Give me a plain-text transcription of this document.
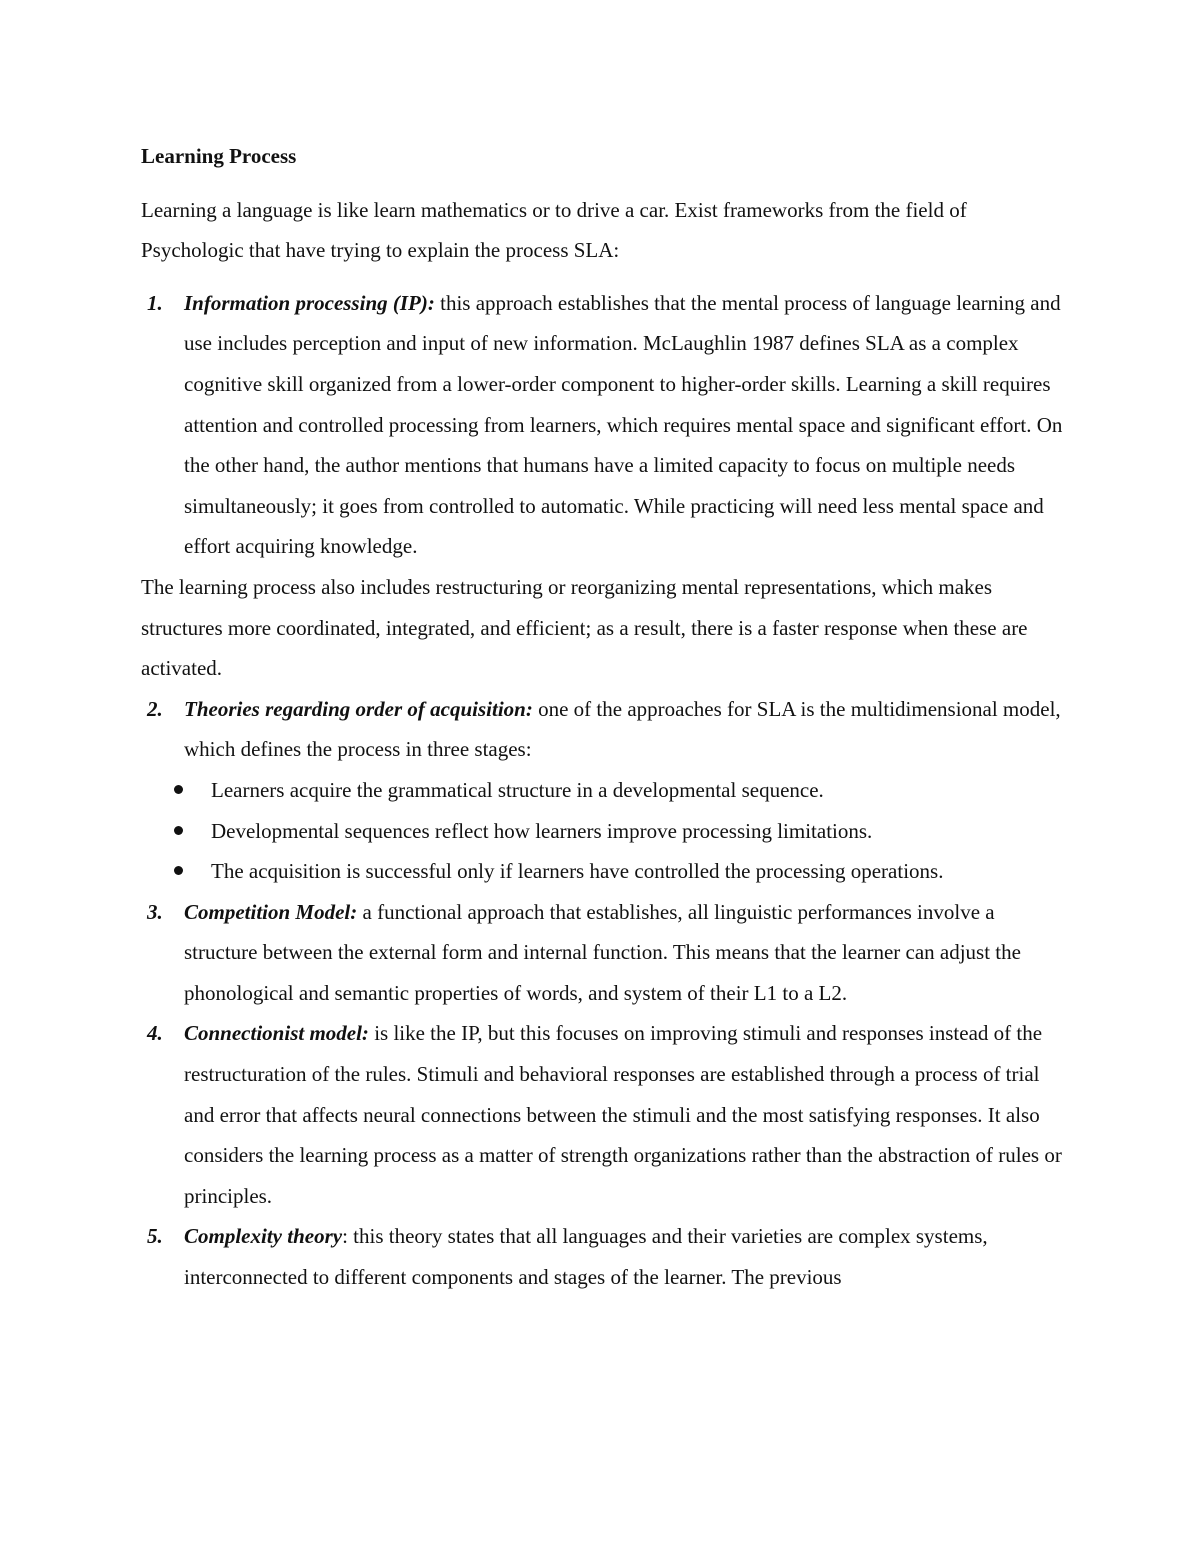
Learning Process

Learning a language is like learn mathematics or to drive a car. Exist frameworks from the field of Psychologic that have trying to explain the process SLA:

1. Information processing (IP): this approach establishes that the mental process of language learning and use includes perception and input of new information. McLaughlin 1987 defines SLA as a complex cognitive skill organized from a lower-order component to higher-order skills. Learning a skill requires attention and controlled processing from learners, which requires mental space and significant effort. On the other hand, the author mentions that humans have a limited capacity to focus on multiple needs simultaneously; it goes from controlled to automatic. While practicing will need less mental space and effort acquiring knowledge.

The learning process also includes restructuring or reorganizing mental representations, which makes structures more coordinated, integrated, and efficient; as a result, there is a faster response when these are activated.

2. Theories regarding order of acquisition: one of the approaches for SLA is the multidimensional model, which defines the process in three stages:
Learners acquire the grammatical structure in a developmental sequence.
Developmental sequences reflect how learners improve processing limitations.
The acquisition is successful only if learners have controlled the processing operations.
3. Competition Model: a functional approach that establishes, all linguistic performances involve a structure between the external form and internal function. This means that the learner can adjust the phonological and semantic properties of words, and system of their L1 to a L2.
4. Connectionist model: is like the IP, but this focuses on improving stimuli and responses instead of the restructuration of the rules. Stimuli and behavioral responses are established through a process of trial and error that affects neural connections between the stimuli and the most satisfying responses. It also considers the learning process as a matter of strength organizations rather than the abstraction of rules or principles.
5. Complexity theory: this theory states that all languages and their varieties are complex systems, interconnected to different components and stages of the learner. The previous
